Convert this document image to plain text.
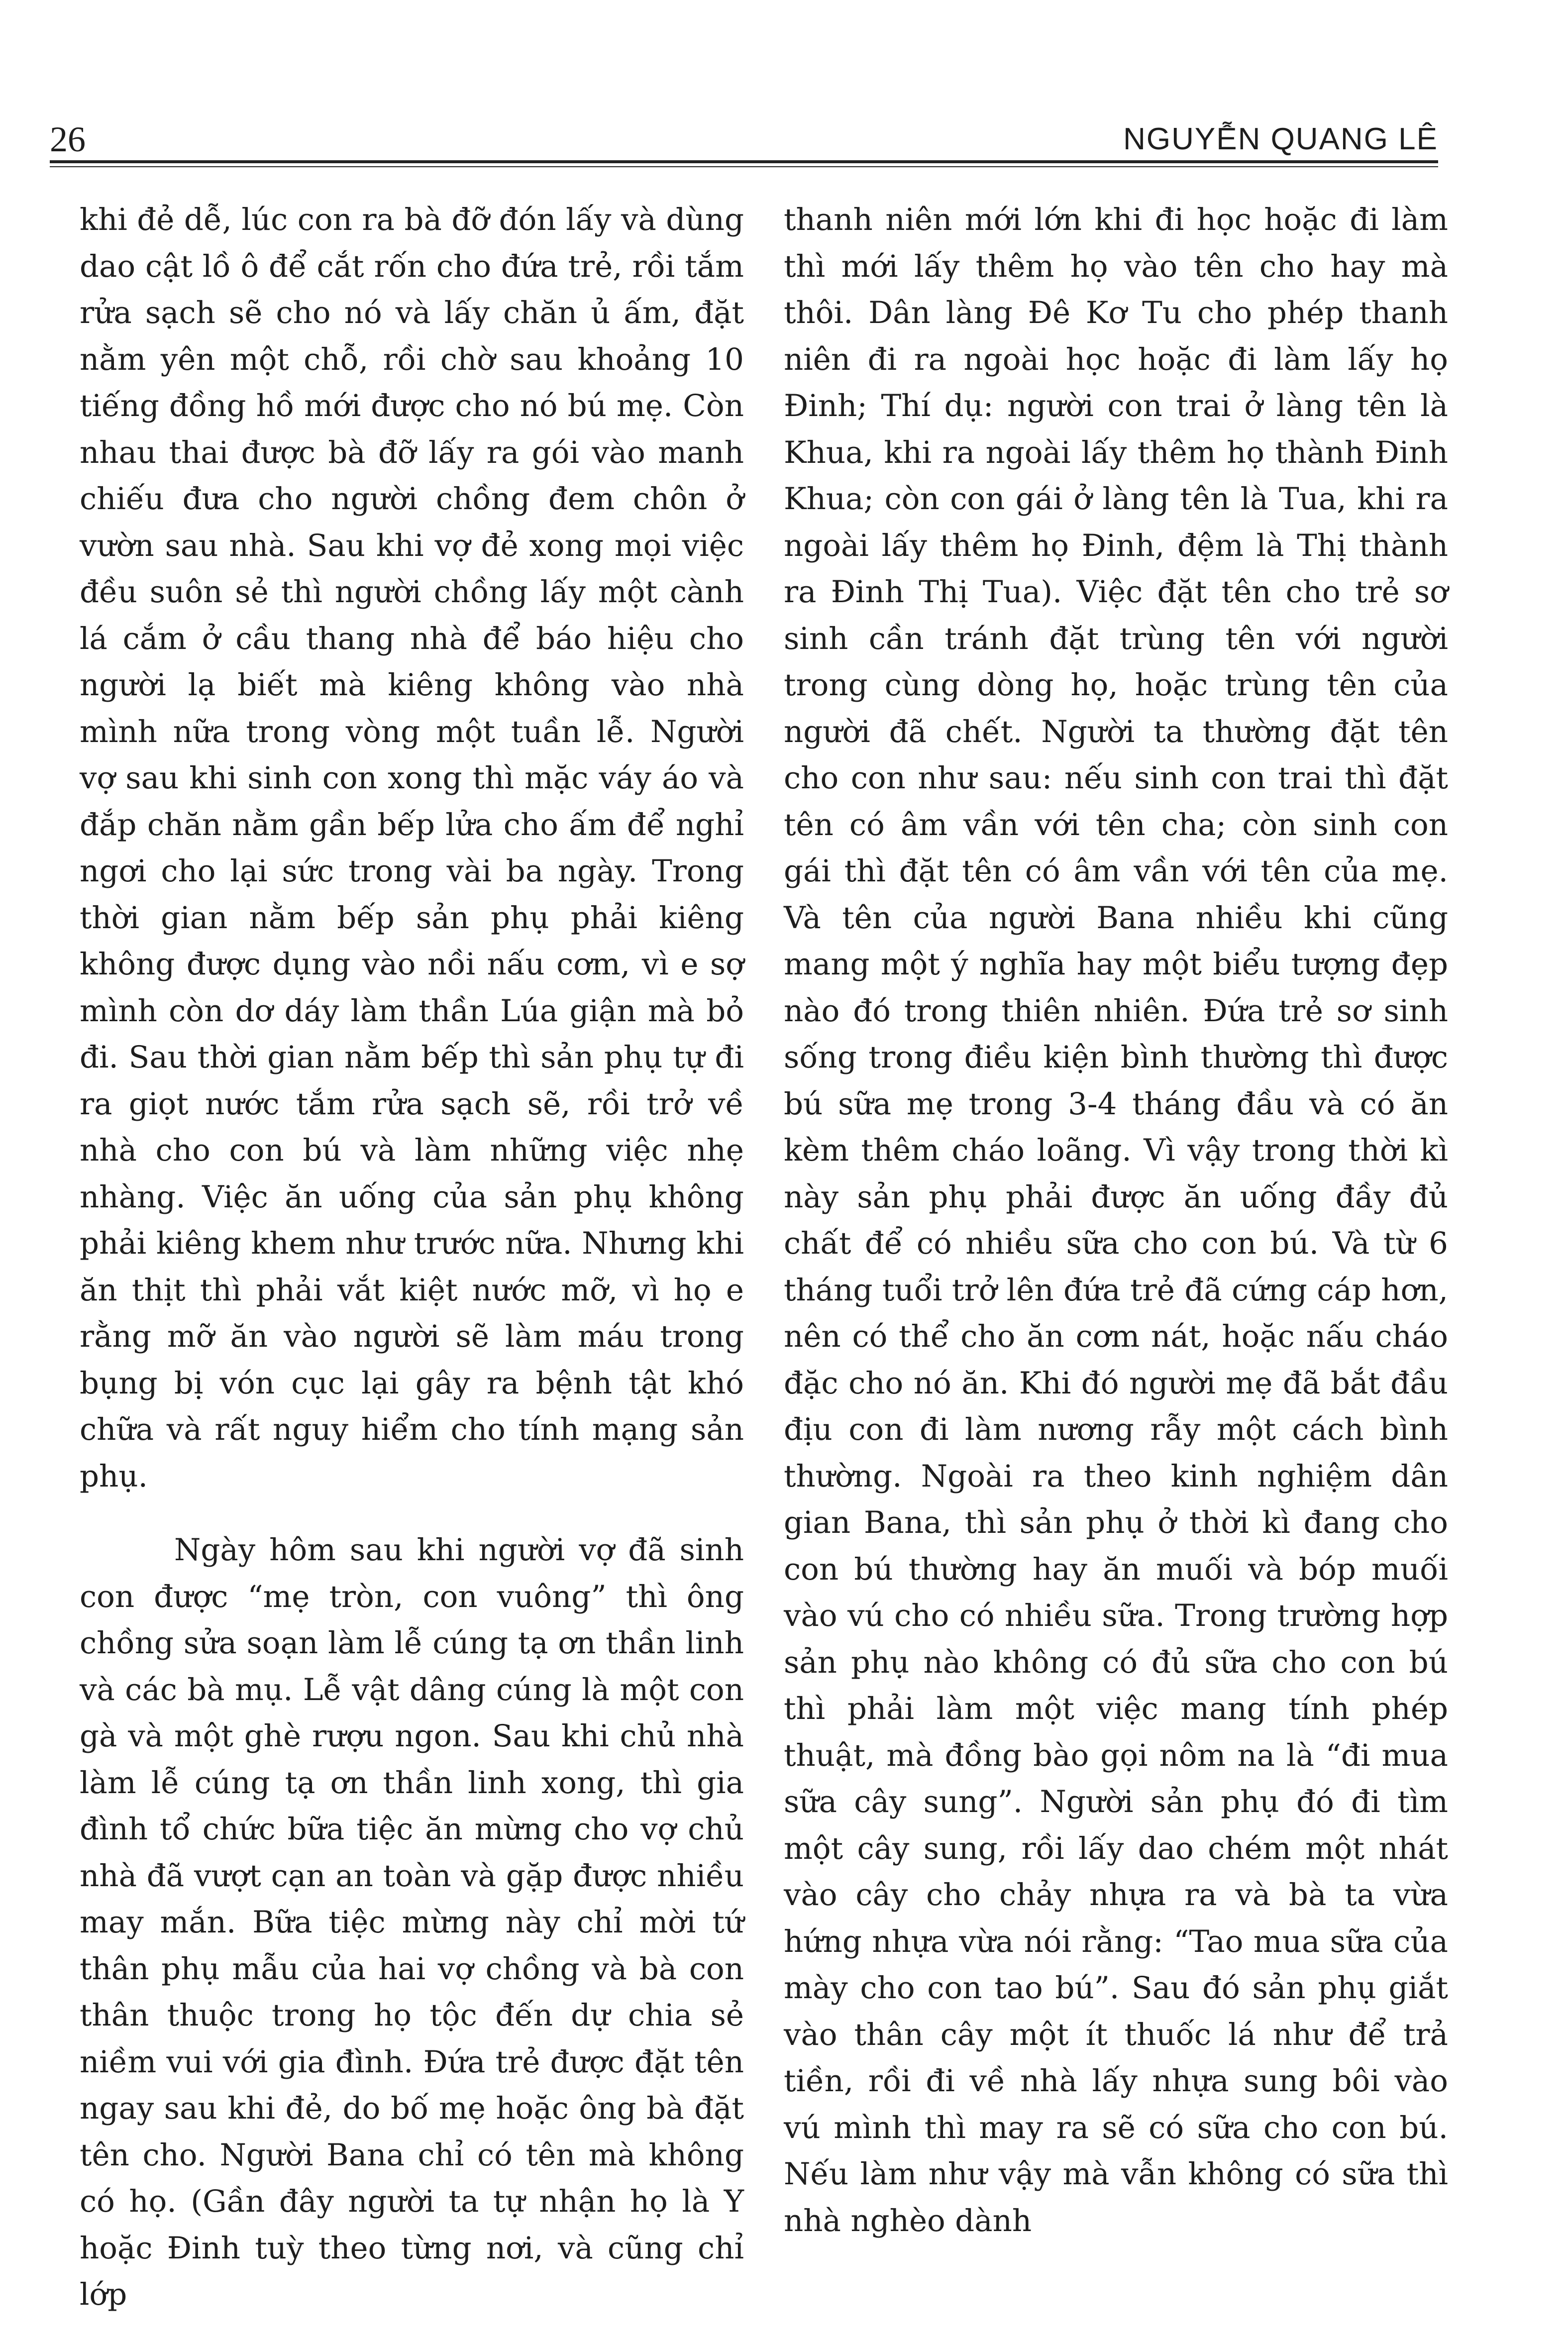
26	NGUYỄN QUANG LÊ

khi đẻ dễ, lúc con ra bà đỡ đón lấy và dùng dao cật lồ ô để cắt rốn cho đứa trẻ, rồi tắm rửa sạch sẽ cho nó và lấy chăn ủ ấm, đặt nằm yên một chỗ, rồi chờ sau khoảng 10 tiếng đồng hồ mới được cho nó bú mẹ. Còn nhau thai được bà đỡ lấy ra gói vào manh chiếu đưa cho người chồng đem chôn ở vườn sau nhà. Sau khi vợ đẻ xong mọi việc đều suôn sẻ thì người chồng lấy một cành lá cắm ở cầu thang nhà để báo hiệu cho người lạ biết mà kiêng không vào nhà mình nữa trong vòng một tuần lễ. Người vợ sau khi sinh con xong thì mặc váy áo và đắp chăn nằm gần bếp lửa cho ấm để nghỉ ngơi cho lại sức trong vài ba ngày. Trong thời gian nằm bếp sản phụ phải kiêng không được dụng vào nồi nấu cơm, vì e sợ mình còn dơ dáy làm thần Lúa giận mà bỏ đi. Sau thời gian nằm bếp thì sản phụ tự đi ra giọt nước tắm rửa sạch sẽ, rồi trở về nhà cho con bú và làm những việc nhẹ nhàng. Việc ăn uống của sản phụ không phải kiêng khem như trước nữa. Nhưng khi ăn thịt thì phải vắt kiệt nước mỡ, vì họ e rằng mỡ ăn vào người sẽ làm máu trong bụng bị vón cục lại gây ra bệnh tật khó chữa và rất nguy hiểm cho tính mạng sản phụ.

Ngày hôm sau khi người vợ đã sinh con được “mẹ tròn, con vuông” thì ông chồng sửa soạn làm lễ cúng tạ ơn thần linh và các bà mụ. Lễ vật dâng cúng là một con gà và một ghè rượu ngon. Sau khi chủ nhà làm lễ cúng tạ ơn thần linh xong, thì gia đình tổ chức bữa tiệc ăn mừng cho vợ chủ nhà đã vượt cạn an toàn và gặp được nhiều may mắn. Bữa tiệc mừng này chỉ mời tứ thân phụ mẫu của hai vợ chồng và bà con thân thuộc trong họ tộc đến dự chia sẻ niềm vui với gia đình. Đứa trẻ được đặt tên ngay sau khi đẻ, do bố mẹ hoặc ông bà đặt tên cho. Người Bana chỉ có tên mà không có họ. (Gần đây người ta tự nhận họ là Y hoặc Đinh tuỳ theo từng nơi, và cũng chỉ lớp

thanh niên mới lớn khi đi học hoặc đi làm thì mới lấy thêm họ vào tên cho hay mà thôi. Dân làng Đê Kơ Tu cho phép thanh niên đi ra ngoài học hoặc đi làm lấy họ Đinh; Thí dụ: người con trai ở làng tên là Khua, khi ra ngoài lấy thêm họ thành Đinh Khua; còn con gái ở làng tên là Tua, khi ra ngoài lấy thêm họ Đinh, đệm là Thị thành ra Đinh Thị Tua). Việc đặt tên cho trẻ sơ sinh cần tránh đặt trùng tên với người trong cùng dòng họ, hoặc trùng tên của người đã chết. Người ta thường đặt tên cho con như sau: nếu sinh con trai thì đặt tên có âm vần với tên cha; còn sinh con gái thì đặt tên có âm vần với tên của mẹ. Và tên của người Bana nhiều khi cũng mang một ý nghĩa hay một biểu tượng đẹp nào đó trong thiên nhiên. Đứa trẻ sơ sinh sống trong điều kiện bình thường thì được bú sữa mẹ trong 3-4 tháng đầu và có ăn kèm thêm cháo loãng. Vì vậy trong thời kì này sản phụ phải được ăn uống đầy đủ chất để có nhiều sữa cho con bú. Và từ 6 tháng tuổi trở lên đứa trẻ đã cứng cáp hơn, nên có thể cho ăn cơm nát, hoặc nấu cháo đặc cho nó ăn. Khi đó người mẹ đã bắt đầu địu con đi làm nương rẫy một cách bình thường. Ngoài ra theo kinh nghiệm dân gian Bana, thì sản phụ ở thời kì đang cho con bú thường hay ăn muối và bóp muối vào vú cho có nhiều sữa. Trong trường hợp sản phụ nào không có đủ sữa cho con bú thì phải làm một việc mang tính phép thuật, mà đồng bào gọi nôm na là “đi mua sữa cây sung”. Người sản phụ đó đi tìm một cây sung, rồi lấy dao chém một nhát vào cây cho chảy nhựa ra và bà ta vừa hứng nhựa vừa nói rằng: “Tao mua sữa của mày cho con tao bú”. Sau đó sản phụ giắt vào thân cây một ít thuốc lá như để trả tiền, rồi đi về nhà lấy nhựa sung bôi vào vú mình thì may ra sẽ có sữa cho con bú. Nếu làm như vậy mà vẫn không có sữa thì nhà nghèo dành
